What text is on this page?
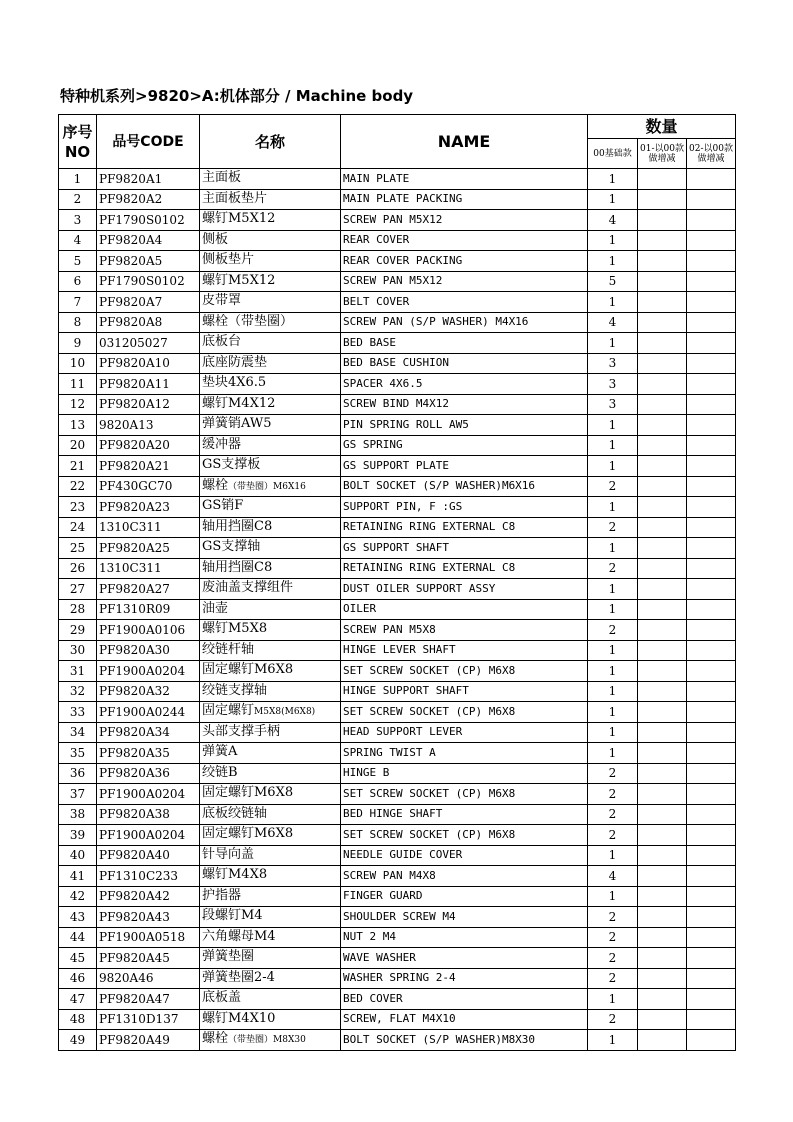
特种机系列>9820>A:机体部分 / Machine body
序号
NO	品号CODE	名称	NAME	数量		
				00基础款	01-以00款做增减	02-以00款做增减
1	PF9820A1	主面板	MAIN PLATE	1		
2	PF9820A2	主面板垫片	MAIN PLATE PACKING	1		
3	PF1790S0102	螺钉M5X12	SCREW PAN M5X12	4		
4	PF9820A4	侧板	REAR COVER	1		
5	PF9820A5	侧板垫片	REAR COVER PACKING	1		
6	PF1790S0102	螺钉M5X12	SCREW PAN M5X12	5		
7	PF9820A7	皮带罩	BELT COVER	1		
8	PF9820A8	螺栓（带垫圈）	SCREW PAN (S/P WASHER) M4X16	4		
9	031205027	底板台	BED BASE	1		
10	PF9820A10	底座防震垫	BED BASE CUSHION	3		
11	PF9820A11	垫块4X6.5	SPACER 4X6.5	3		
12	PF9820A12	螺钉M4X12	SCREW BIND M4X12	3		
13	9820A13	弹簧销AW5	PIN SPRING ROLL AW5	1		
20	PF9820A20	缓冲器	GS SPRING	1		
21	PF9820A21	GS支撑板	GS SUPPORT PLATE	1		
22	PF430GC70	螺栓（带垫圈）M6X16	BOLT SOCKET (S/P WASHER)M6X16	2		
23	PF9820A23	GS销F	SUPPORT PIN, F :GS	1		
24	1310C311	轴用挡圈C8	RETAINING RING EXTERNAL C8	2		
25	PF9820A25	GS支撑轴	GS SUPPORT SHAFT	1		
26	1310C311	轴用挡圈C8	RETAINING RING EXTERNAL C8	2		
27	PF9820A27	废油盖支撑组件	DUST OILER SUPPORT ASSY	1		
28	PF1310R09	油壶	OILER	1		
29	PF1900A0106	螺钉M5X8	SCREW PAN M5X8	2		
30	PF9820A30	绞链杆轴	HINGE LEVER SHAFT	1		
31	PF1900A0204	固定螺钉M6X8	SET SCREW SOCKET (CP) M6X8	1		
32	PF9820A32	绞链支撑轴	HINGE SUPPORT SHAFT	1		
33	PF1900A0244	固定螺钉M5X8(M6X8)	SET SCREW SOCKET (CP) M6X8	1		
34	PF9820A34	头部支撑手柄	HEAD SUPPORT LEVER	1		
35	PF9820A35	弹簧A	SPRING TWIST A	1		
36	PF9820A36	绞链B	HINGE B	2		
37	PF1900A0204	固定螺钉M6X8	SET SCREW SOCKET (CP) M6X8	2		
38	PF9820A38	底板绞链轴	BED HINGE SHAFT	2		
39	PF1900A0204	固定螺钉M6X8	SET SCREW SOCKET (CP) M6X8	2		
40	PF9820A40	针导向盖	NEEDLE GUIDE COVER	1		
41	PF1310C233	螺钉M4X8	SCREW PAN M4X8	4		
42	PF9820A42	护指器	FINGER GUARD	1		
43	PF9820A43	段螺钉M4	SHOULDER SCREW M4	2		
44	PF1900A0518	六角螺母M4	NUT 2 M4	2		
45	PF9820A45	弹簧垫圈	WAVE WASHER	2		
46	9820A46	弹簧垫圈2-4	WASHER SPRING 2-4	2		
47	PF9820A47	底板盖	BED COVER	1		
48	PF1310D137	螺钉M4X10	SCREW, FLAT M4X10	2		
49	PF9820A49	螺栓（带垫圈）M8X30	BOLT SOCKET (S/P WASHER)M8X30	1		
